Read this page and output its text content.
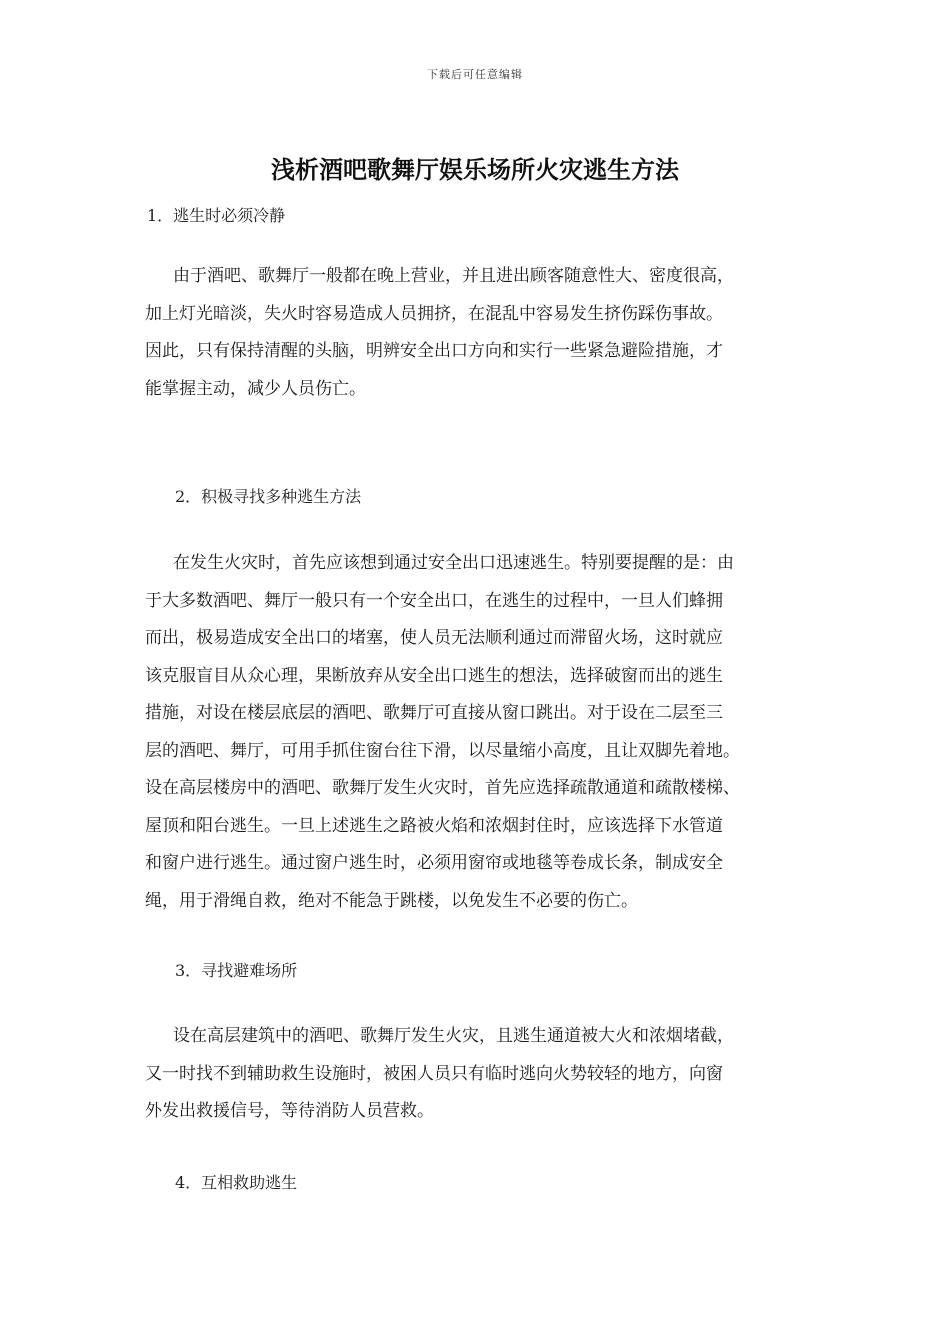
下载后可任意编辑
浅析酒吧歌舞厅娱乐场所火灾逃生方法

1．逃生时必须冷静

由于酒吧、歌舞厅一般都在晚上营业，并且进出顾客随意性大、密度很高，
加上灯光暗淡，失火时容易造成人员拥挤，在混乱中容易发生挤伤踩伤事故。
因此，只有保持清醒的头脑，明辨安全出口方向和实行一些紧急避险措施，才
能掌握主动，减少人员伤亡。

2．积极寻找多种逃生方法

在发生火灾时，首先应该想到通过安全出口迅速逃生。特别要提醒的是：由
于大多数酒吧、舞厅一般只有一个安全出口，在逃生的过程中，一旦人们蜂拥
而出，极易造成安全出口的堵塞，使人员无法顺利通过而滞留火场，这时就应
该克服盲目从众心理，果断放弃从安全出口逃生的想法，选择破窗而出的逃生
措施，对设在楼层底层的酒吧、歌舞厅可直接从窗口跳出。对于设在二层至三
层的酒吧、舞厅，可用手抓住窗台往下滑，以尽量缩小高度，且让双脚先着地。
设在高层楼房中的酒吧、歌舞厅发生火灾时，首先应选择疏散通道和疏散楼梯、
屋顶和阳台逃生。一旦上述逃生之路被火焰和浓烟封住时，应该选择下水管道
和窗户进行逃生。通过窗户逃生时，必须用窗帘或地毯等卷成长条，制成安全
绳，用于滑绳自救，绝对不能急于跳楼，以免发生不必要的伤亡。

3．寻找避难场所

设在高层建筑中的酒吧、歌舞厅发生火灾，且逃生通道被大火和浓烟堵截，
又一时找不到辅助救生设施时，被困人员只有临时逃向火势较轻的地方，向窗
外发出救援信号，等待消防人员营救。

4．互相救助逃生
